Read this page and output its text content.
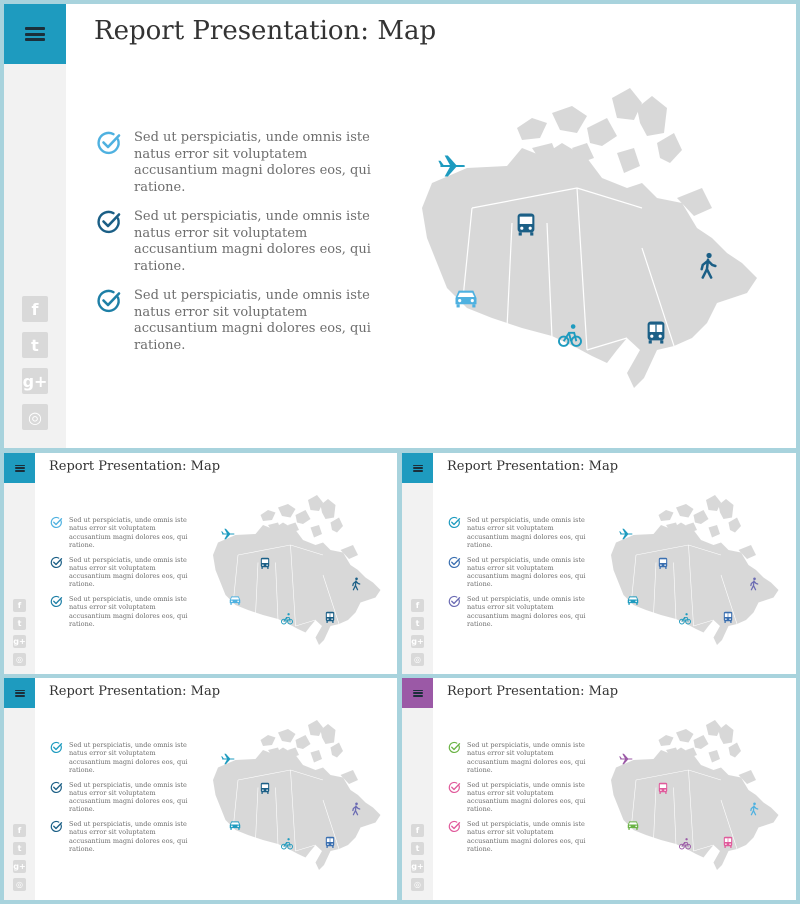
Report Presentation: Map
f
t
g+
◎
Sed ut perspiciatis, unde omnis iste natus error sit voluptatem accusantium magni dolores eos, qui ratione.
Sed ut perspiciatis, unde omnis iste natus error sit voluptatem accusantium magni dolores eos, qui ratione.
Sed ut perspiciatis, unde omnis iste natus error sit voluptatem accusantium magni dolores eos, qui ratione.
Report Presentation: Map
f
t
g+
◎
Sed ut perspiciatis, unde omnis iste natus error sit voluptatem accusantium magni dolores eos, qui ratione.
Sed ut perspiciatis, unde omnis iste natus error sit voluptatem accusantium magni dolores eos, qui ratione.
Sed ut perspiciatis, unde omnis iste natus error sit voluptatem accusantium magni dolores eos, qui ratione.
Report Presentation: Map
f
t
g+
◎
Sed ut perspiciatis, unde omnis iste natus error sit voluptatem accusantium magni dolores eos, qui ratione.
Sed ut perspiciatis, unde omnis iste natus error sit voluptatem accusantium magni dolores eos, qui ratione.
Sed ut perspiciatis, unde omnis iste natus error sit voluptatem accusantium magni dolores eos, qui ratione.
Report Presentation: Map
f
t
g+
◎
Sed ut perspiciatis, unde omnis iste natus error sit voluptatem accusantium magni dolores eos, qui ratione.
Sed ut perspiciatis, unde omnis iste natus error sit voluptatem accusantium magni dolores eos, qui ratione.
Sed ut perspiciatis, unde omnis iste natus error sit voluptatem accusantium magni dolores eos, qui ratione.
Report Presentation: Map
f
t
g+
◎
Sed ut perspiciatis, unde omnis iste natus error sit voluptatem accusantium magni dolores eos, qui ratione.
Sed ut perspiciatis, unde omnis iste natus error sit voluptatem accusantium magni dolores eos, qui ratione.
Sed ut perspiciatis, unde omnis iste natus error sit voluptatem accusantium magni dolores eos, qui ratione.
